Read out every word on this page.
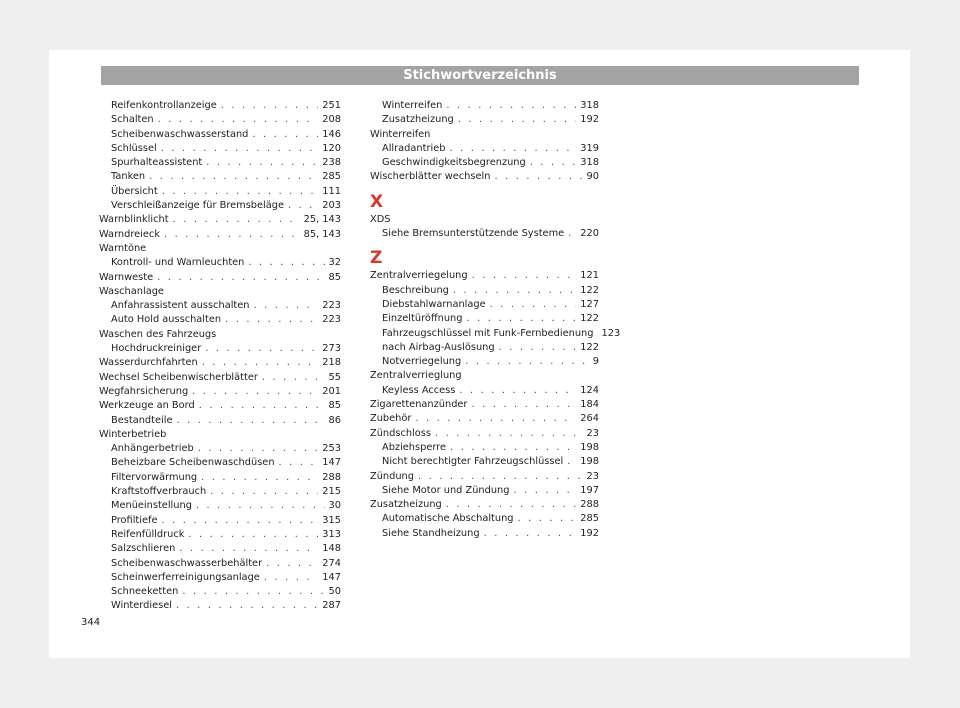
Stichwortverzeichnis
Reifenkontrollanzeige . . .	251
Schalten . . .	208
Scheibenwaschwasserstand . . .	146
Schlüssel . . .	120
Spurhalteassistent . . .	238
Tanken . . .	285
Übersicht . . .	111
Verschleißanzeige für Bremsbeläge . . .	203
Warnblinklicht . . .	25, 143
Warndreieck . . .	85, 143
Warntöne
Kontroll- und Warnleuchten . . .	32
Warnweste . . .	85
Waschanlage
Anfahrassistent ausschalten . . .	223
Auto Hold ausschalten . . .	223
Waschen des Fahrzeugs
Hochdruckreiniger . . .	273
Wasserdurchfahrten . . .	218
Wechsel Scheibenwischerblätter . . .	55
Wegfahrsicherung . . .	201
Werkzeuge an Bord . . .	85
Bestandteile . . .	86
Winterbetrieb
Anhängerbetrieb . . .	253
Beheizbare Scheibenwaschdüsen . . .	147
Filtervorwärmung . . .	288
Kraftstoffverbrauch . . .	215
Menüeinstellung . . .	30
Profiltiefe . . .	315
Reifenfülldruck . . .	313
Salzschlieren . . .	148
Scheibenwaschwasserbehälter . . .	274
Scheinwerferreinigungsanlage . . .	147
Schneeketten . . .	50
Winterdiesel . . .	287
Winterreifen . . .	318
Zusatzheizung . . .	192
Winterreifen
Allradantrieb . . .	319
Geschwindigkeitsbegrenzung . . .	318
Wischerblätter wechseln . . .	90
X
XDS
Siehe Bremsunterstützende Systeme . . . 220
Z
Zentralverriegelung . . .	121
Beschreibung . . .	122
Diebstahlwarnanlage . . .	127
Einzeltüröffnung . . .	122
Fahrzeugschlüssel mit Funk-Fernbedienung 123
nach Airbag-Auslösung . . .	122
Notverriegelung . . .	9
Zentralverrieglung
Keyless Access . . .	124
Zigarettenanzünder . . .	184
Zubehör . . .	264
Zündschloss . . .	23
Abziehsperre . . .	198
Nicht berechtigter Fahrzeugschlüssel . . . 198
Zündung . . .	23
Siehe Motor und Zündung . . .	197
Zusatzheizung . . .	288
Automatische Abschaltung . . .	285
Siehe Standheizung . . .	192
344
